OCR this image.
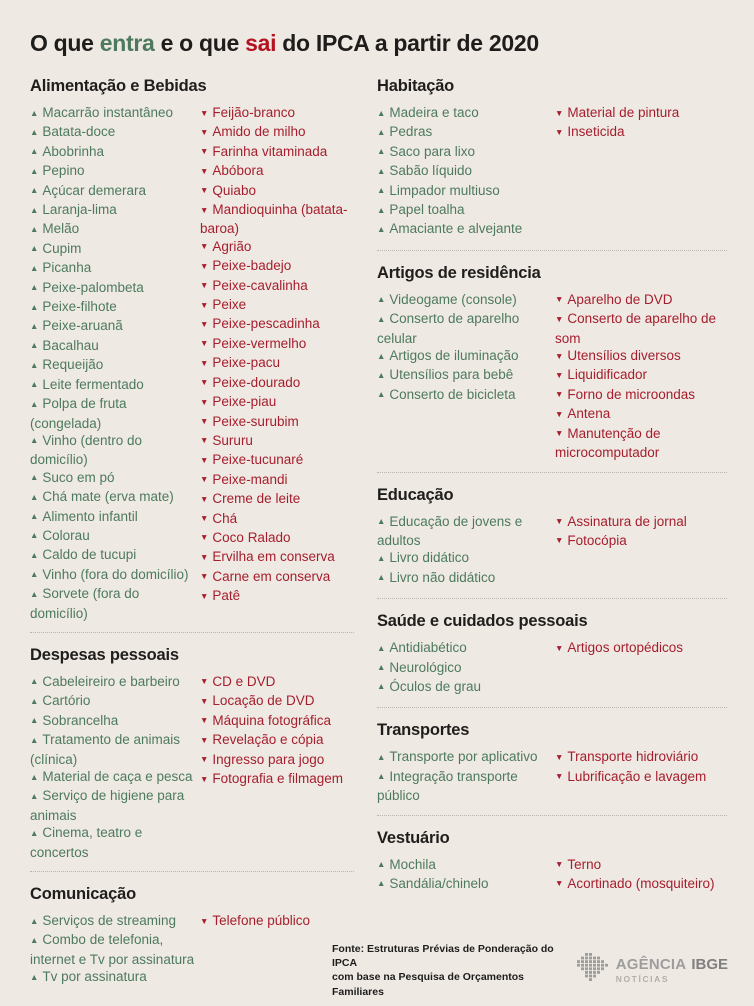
O que entra e o que sai do IPCA a partir de 2020
Alimentação e Bebidas
▲ Macarrão instantâneo
▲ Batata-doce
▲ Abobrinha
▲ Pepino
▲ Açúcar demerara
▲ Laranja-lima
▲ Melão
▲ Cupim
▲ Picanha
▲ Peixe-palombeta
▲ Peixe-filhote
▲ Peixe-aruanã
▲ Bacalhau
▲ Requeijão
▲ Leite fermentado
▲ Polpa de fruta (congelada)
▲ Vinho (dentro do domicílio)
▲ Suco em pó
▲ Chá mate (erva mate)
▲ Alimento infantil
▲ Colorau
▲ Caldo de tucupi
▲ Vinho (fora do domicílio)
▲ Sorvete (fora do domicílio)
▼ Feijão-branco
▼ Amido de milho
▼ Farinha vitaminada
▼ Abóbora
▼ Quiabo
▼ Mandioquinha (batata-baroa)
▼ Agrião
▼ Peixe-badejo
▼ Peixe-cavalinha
▼ Peixe
▼ Peixe-pescadinha
▼ Peixe-vermelho
▼ Peixe-pacu
▼ Peixe-dourado
▼ Peixe-piau
▼ Peixe-surubim
▼ Sururu
▼ Peixe-tucunaré
▼ Peixe-mandi
▼ Creme de leite
▼ Chá
▼ Coco Ralado
▼ Ervilha em conserva
▼ Carne em conserva
▼ Patê
Despesas pessoais
▲ Cabeleireiro e barbeiro
▲ Cartório
▲ Sobrancelha
▲ Tratamento de animais (clínica)
▲ Material de caça e pesca
▲ Serviço de higiene para animais
▲ Cinema, teatro e concertos
▼ CD e DVD
▼ Locação de DVD
▼ Máquina fotográfica
▼ Revelação e cópia
▼ Ingresso para jogo
▼ Fotografia e filmagem
Comunicação
▲ Serviços de streaming
▲ Combo de telefonia, internet e Tv por assinatura
▲ Tv por assinatura
▼ Telefone público
Habitação
▲ Madeira e taco
▲ Pedras
▲ Saco para lixo
▲ Sabão líquido
▲ Limpador multiuso
▲ Papel toalha
▲ Amaciante e alvejante
▼ Material de pintura
▼ Inseticida
Artigos de residência
▲ Videogame (console)
▲ Conserto de aparelho celular
▲ Artigos de iluminação
▲ Utensílios para bebê
▲ Conserto de bicicleta
▼ Aparelho de DVD
▼ Conserto de aparelho de som
▼ Utensílios diversos
▼ Liquidificador
▼ Forno de microondas
▼ Antena
▼ Manutenção de microcomputador
Educação
▲ Educação de jovens e adultos
▲ Livro didático
▲ Livro não didático
▼ Assinatura de jornal
▼ Fotocópia
Saúde e cuidados pessoais
▲ Antidiabético
▲ Neurológico
▲ Óculos de grau
▼ Artigos ortopédicos
Transportes
▲ Transporte por aplicativo
▲ Integração transporte público
▼ Transporte hidroviário
▼ Lubrificação e lavagem
Vestuário
▲ Mochila
▲ Sandália/chinelo
▼ Terno
▼ Acortinado (mosquiteiro)
Fonte: Estruturas Prévias de Ponderação do IPCA
com base na Pesquisa de Orçamentos Familiares
AGÊNCIA IBGE
NOTÍCIAS
